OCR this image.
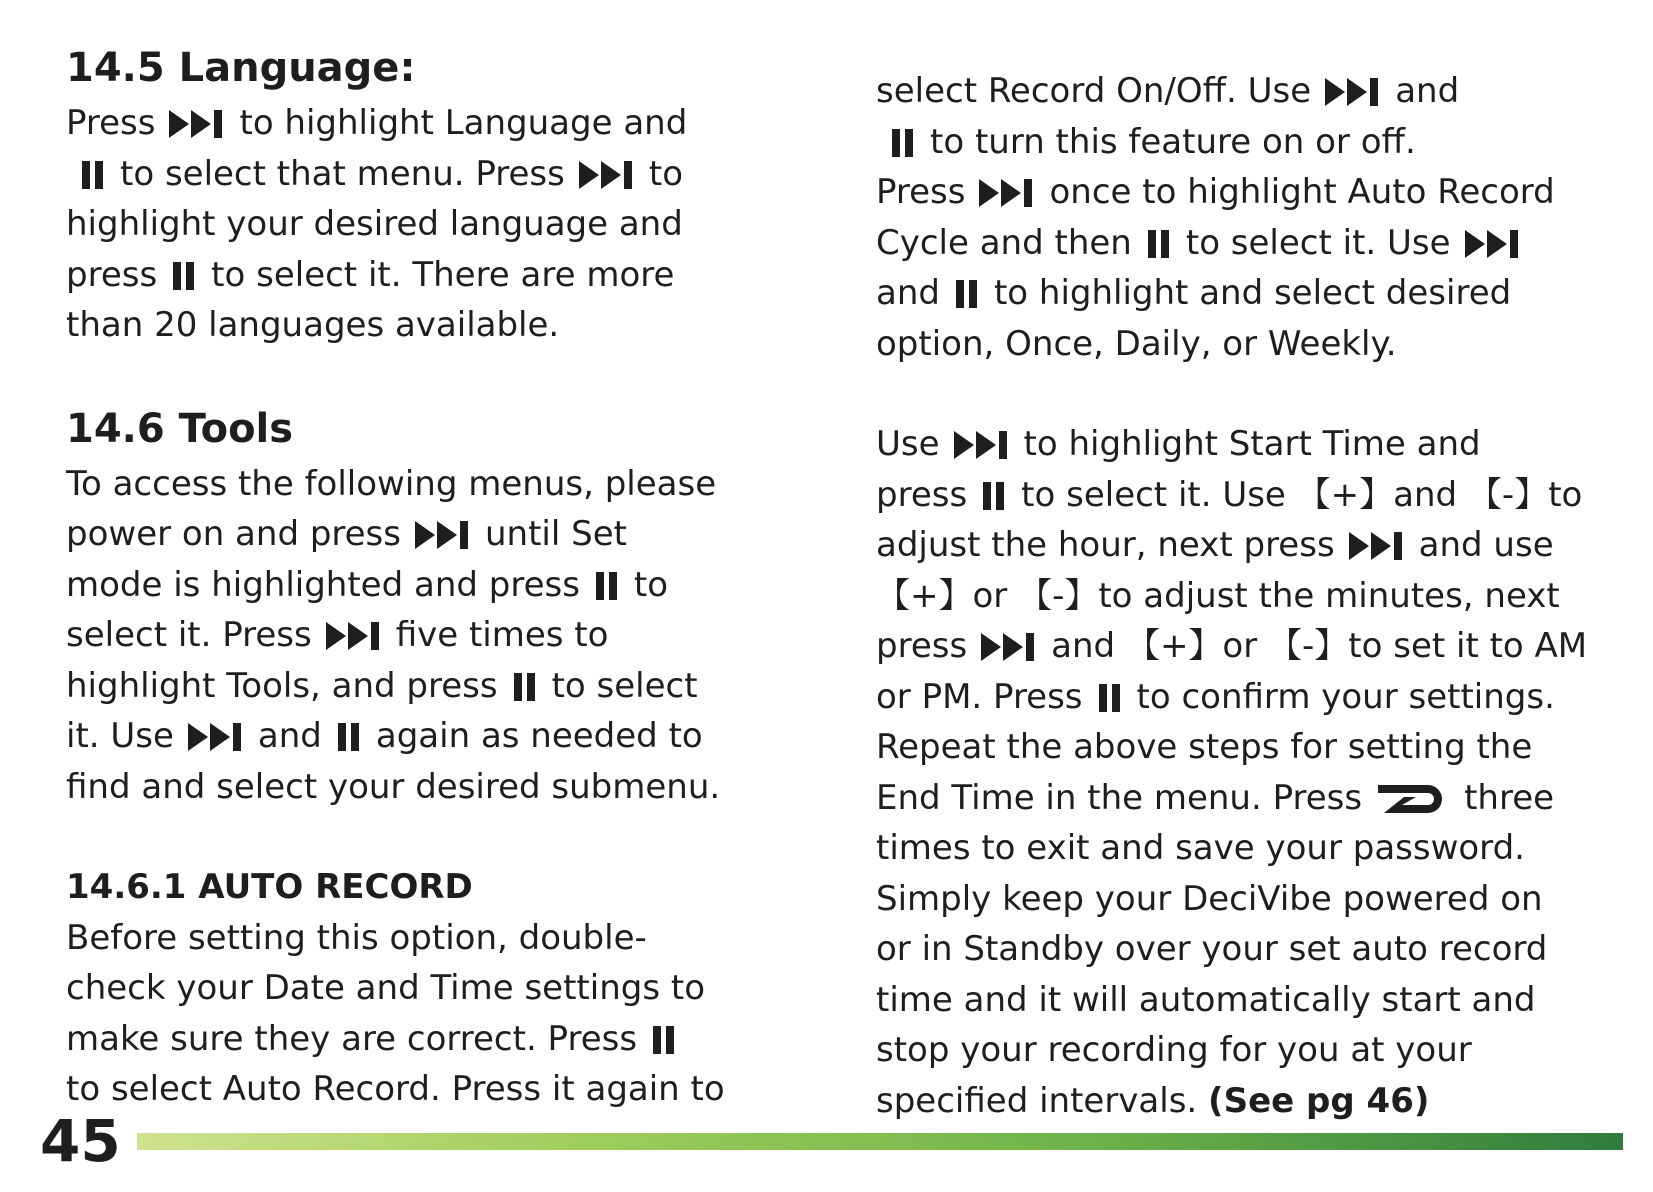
14.5 Language:

Press to highlight Language and

to select that menu. Press to
highlight your desired language and
press to select it. There are more
than 20 languages available.

14.6 Tools

To access the following menus, please
power on and press until Set
mode is highlighted and press to
select it. Press five times to
highlight Tools, and press to select
it. Use and again as needed to
find and select your desired submenu.

14.6.1 AUTO RECORD

Before setting this option, double-
check your Date and Time settings to
make sure they are correct. Press

to select Auto Record. Press it again to

select Record On/Off. Use and

to turn this feature on or off.
Press once to highlight Auto Record
Cycle and then to select it. Use

and to highlight and select desired
option, Once, Daily, or Weekly.

Use to highlight Start Time and
press to select it. Use 【+】and 【-】to
adjust the hour, next press and use
【+】or 【-】to adjust the minutes, next
press and 【+】or 【-】to set it to AM
or PM. Press to confirm your settings.
Repeat the above steps for setting the
End Time in the menu. Press	three
times to exit and save your password.
Simply keep your DeciVibe powered on
or in Standby over your set auto record
time and it will automatically start and
stop your recording for you at your
specified intervals. (See pg 46)

45
